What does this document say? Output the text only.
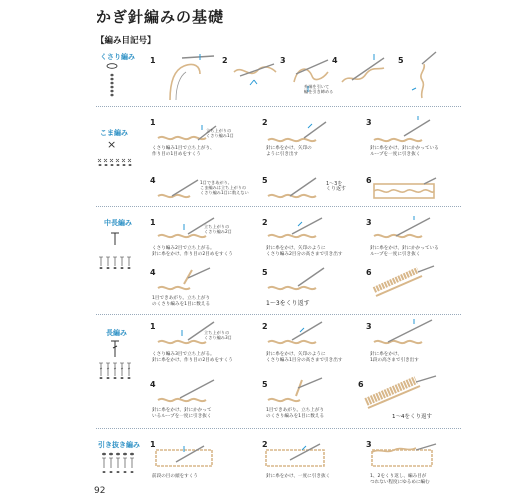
かぎ針編みの基礎
【編み目記号】
くさり編み 1	2	3
糸端を引いて
輪を引き締める
4	5
こま編み
×
1
立ち上がりの
くさり編み1目
くさり編み1目で立ち上がり、
作り目の1目めをすくう
2
針に糸をかけ、矢印の
ように引き出す
3
針に糸をかけ、針にかかっている
ループを一度に引き抜く
4	1目できあがり。
こま編みは立ち上がりの
くさり編み1目に数えない
5	1〜3を
くり返す
6
中長編み 1	立ち上がりの
くさり編み2目
くさり編み2目で立ち上がる。
針に糸をかけ、作り目の2目めをすくう
2
針に糸をかけ、矢印のように
くさり編み2目分の高さまで引き出す
3
針に糸をかけ、針にかかっている
ループを一度に引き抜く
4
1目できあがり。立ち上がり
のくさり編みを1目に数える
5
1〜3をくり返す
6
長編み
1
立ち上がりの
くさり編み3目
くさり編み3目で立ち上がる。
針に糸をかけ、作り目の2目めをすくう
2
針に糸をかけ、矢印のように
くさり編み1目分の高さまで引き出す
3
針に糸をかけ、
1段の高さまで引き出す
4
針に糸をかけ、針にかかって
いるループを一度に引き抜く
5
1目できあがり。立ち上がり
のくさり編みを1目に数える
6
1〜4をくり返す
引き抜き編み 1
前段の目の頭をすくう
2
針に糸をかけ、一度に引き抜く
3
1、2をくり返し、編み目が
つれない程度にゆるめに編む
92
